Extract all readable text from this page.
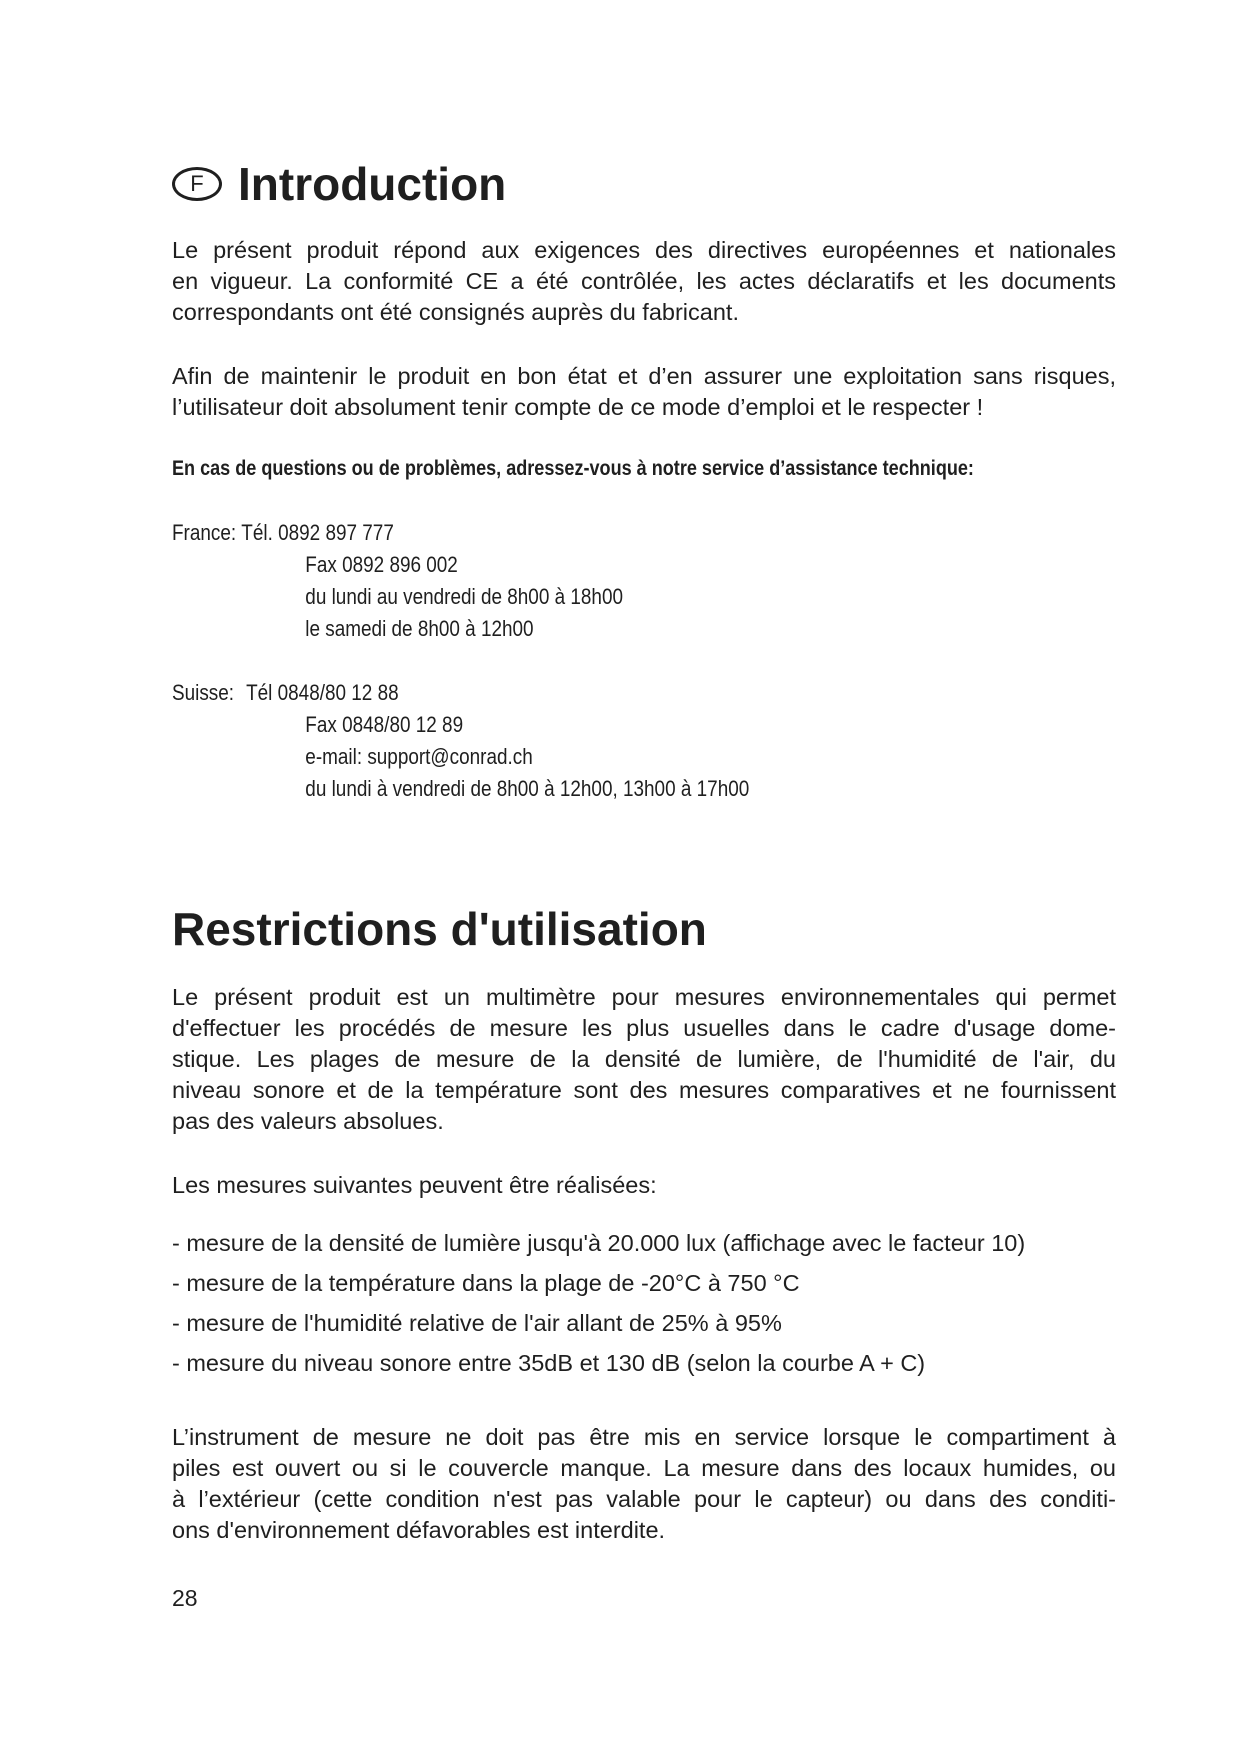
F Introduction

Le présent produit répond aux exigences des directives européennes et nationales
en vigueur. La conformité CE a été contrôlée, les actes déclaratifs et les documents
correspondants ont été consignés auprès du fabricant.

Afin de maintenir le produit en bon état et d’en assurer une exploitation sans risques,
l’utilisateur doit absolument tenir compte de ce mode d’emploi et le respecter !

En cas de questions ou de problèmes, adressez-vous à notre service d’assistance technique:

France: Tél. 0892 897 777
Fax 0892 896 002
du lundi au vendredi de 8h00 à 18h00
le samedi de 8h00 à 12h00
Suisse: Tél 0848/80 12 88
Fax 0848/80 12 89
e-mail: support@conrad.ch
du lundi à vendredi de 8h00 à 12h00, 13h00 à 17h00
Restrictions d'utilisation

Le présent produit est un multimètre pour mesures environnementales qui permet
d'effectuer les procédés de mesure les plus usuelles dans le cadre d'usage dome-
stique. Les plages de mesure de la densité de lumière, de l'humidité de l'air, du
niveau sonore et de la température sont des mesures comparatives et ne fournissent
pas des valeurs absolues.

Les mesures suivantes peuvent être réalisées:

- mesure de la densité de lumière jusqu'à 20.000 lux (affichage avec le facteur 10)
- mesure de la température dans la plage de -20°C à 750 °C
- mesure de l'humidité relative de l'air allant de 25% à 95%
- mesure du niveau sonore entre 35dB et 130 dB (selon la courbe A + C)

L’instrument de mesure ne doit pas être mis en service lorsque le compartiment à
piles est ouvert ou si le couvercle manque. La mesure dans des locaux humides, ou
à l’extérieur (cette condition n'est pas valable pour le capteur) ou dans des conditi-
ons d'environnement défavorables est interdite.

28
